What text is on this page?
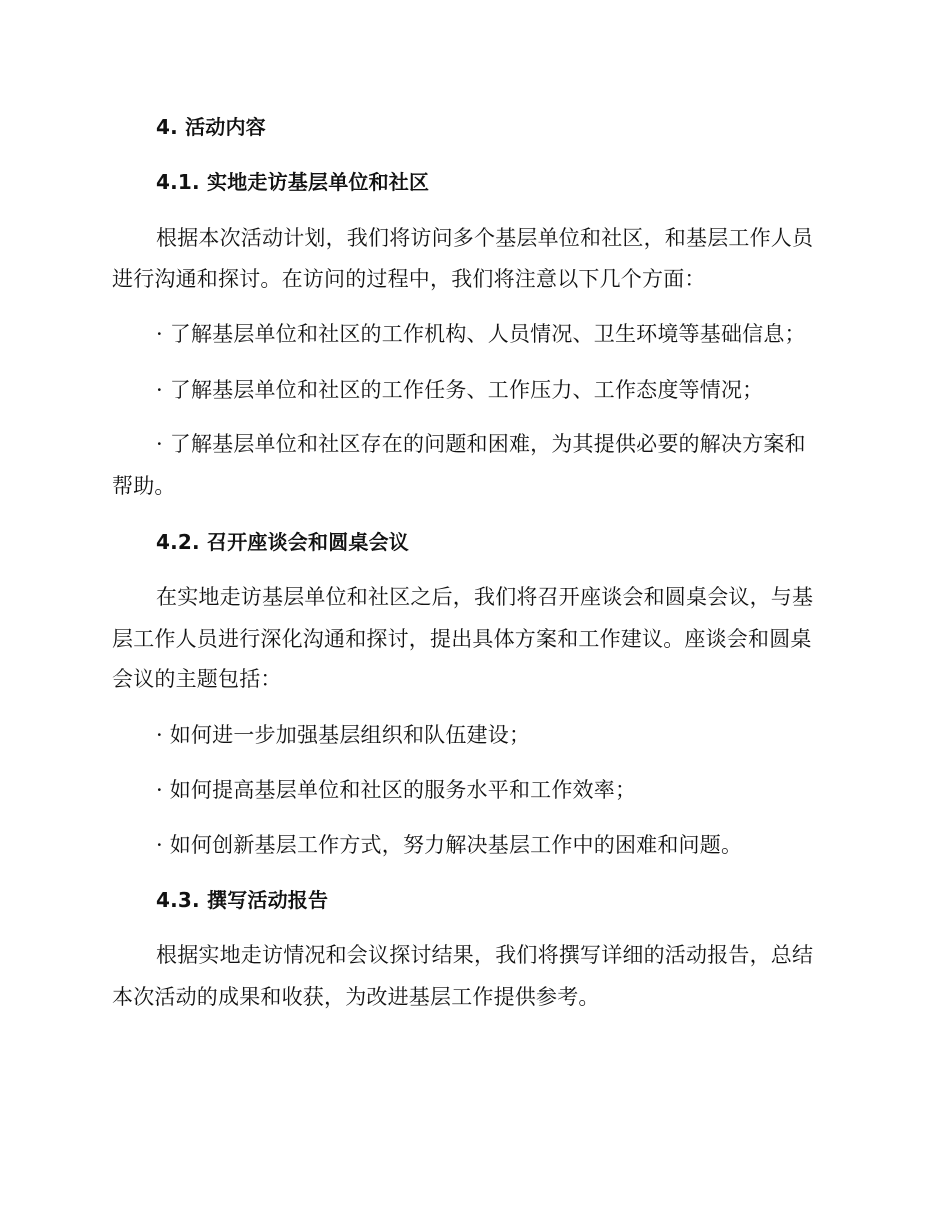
4. 活动内容
4.1. 实地走访基层单位和社区
根据本次活动计划，我们将访问多个基层单位和社区，和基层工作人员
进行沟通和探讨。在访问的过程中，我们将注意以下几个方面：
· 了解基层单位和社区的工作机构、人员情况、卫生环境等基础信息；
· 了解基层单位和社区的工作任务、工作压力、工作态度等情况；
· 了解基层单位和社区存在的问题和困难，为其提供必要的解决方案和
帮助。
4.2. 召开座谈会和圆桌会议
在实地走访基层单位和社区之后，我们将召开座谈会和圆桌会议，与基
层工作人员进行深化沟通和探讨，提出具体方案和工作建议。座谈会和圆桌
会议的主题包括：
· 如何进一步加强基层组织和队伍建设；
· 如何提高基层单位和社区的服务水平和工作效率；
· 如何创新基层工作方式，努力解决基层工作中的困难和问题。
4.3. 撰写活动报告
根据实地走访情况和会议探讨结果，我们将撰写详细的活动报告，总结
本次活动的成果和收获，为改进基层工作提供参考。
